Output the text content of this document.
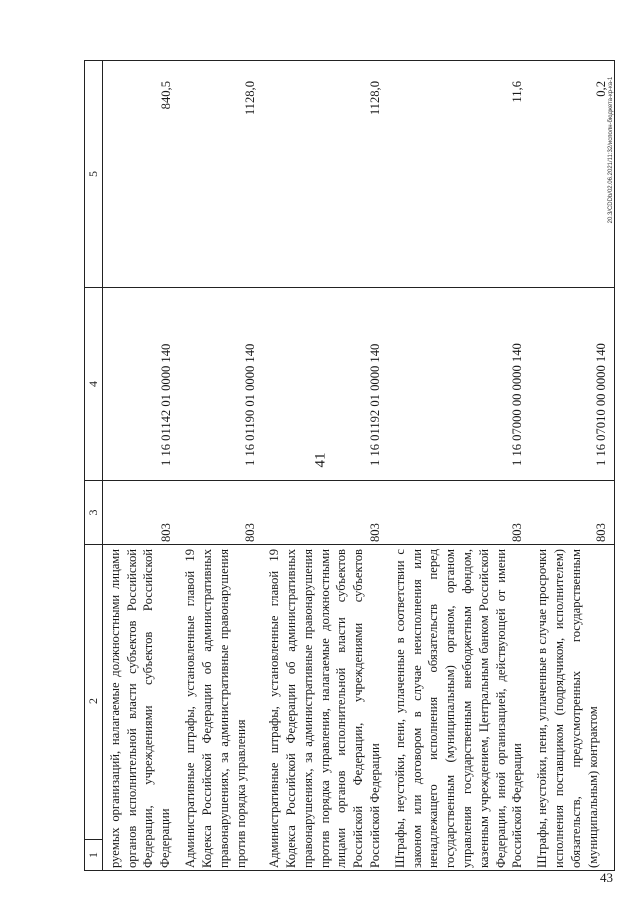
41
1 2	3	4	5
руемых организаций, налагаемые должностными лицами органов исполнительной власти субъектов Российской Федерации, учреждениями субъектов Российской Федерации	803	1 16 01142 01 0000 140	840,5
Административные штрафы, установленные главой 19 Кодекса Российской Федерации об административных правонарушениях, за административные правонарушения против порядка управления	803	1 16 01190 01 0000 140	1128,0
Административные штрафы, установленные главой 19 Кодекса Российской Федерации об административных правонарушениях, за административные правонарушения против порядка управления, налагаемые должностными лицами органов исполнительной власти субъектов Российской Федерации, учреждениями субъектов Российской Федерации	803	1 16 01192 01 0000 140	1128,0
Штрафы, неустойки, пени, уплаченные в соответствии с законом или договором в случае неисполнения или ненадлежащего исполнения обязательств перед государственным (муниципальным) органом, органом управления государственным внебюджетным фондом, казенным учреждением, Центральным банком Российской Федерации, иной организацией, действующей от имени Российской Федерации	803	1 16 07000 00 0000 140	11,6
Штрафы, неустойки, пени, уплаченные в случае просрочки исполнения поставщиком (подрядчиком, исполнителем) обязательств, предусмотренных государственным (муниципальным) контрактом	803	1 16 07010 00 0000 140	0,2 20.3/CDDb/02.06.2021/11:32/исполн-бюджета-кр-ка-1
43
